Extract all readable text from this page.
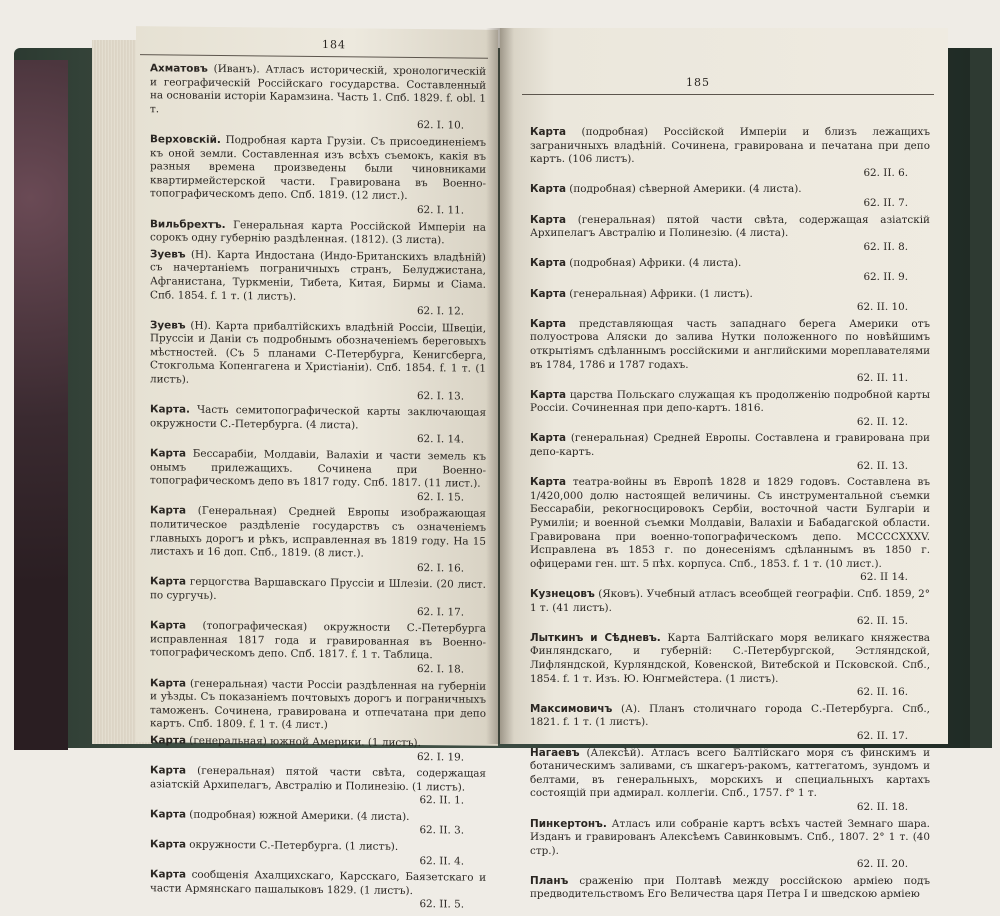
184
Ахматовъ (Иванъ). Атласъ историческiй, хронологическiй и географическiй Россiйскаго государства. Составленный на основанiи исторiи Карамзина. Часть 1. Спб. 1829. f. obl. 1 т.
62. I. 10.
Верховскiй. Подробная карта Грузiи. Съ присоединенiемъ къ оной земли. Составленная изъ всѣхъ съемокъ, какiя въ разныя времена произведены были чиновниками квартирмейстерской части. Гравирована въ Военно-топографическомъ депо. Спб. 1819. (12 лист.).
62. I. 11.
Вильбрехтъ. Генеральная карта Россiйской Имперiи на сорокъ одну губернiю раздѣленная. (1812). (3 листа).
Зуевъ (Н). Карта Индостана (Индо-Британскихъ владѣнiй) съ начертанiемъ пограничныхъ странъ, Белуджистана, Афганистана, Туркменiи, Тибета, Китая, Бирмы и Сiама. Спб. 1854. f. 1 т. (1 листъ).
62. I. 12.
Зуевъ (Н). Карта прибалтiйскихъ владѣнiй Россiи, Швецiи, Пруссiи и Данiи съ подробнымъ обозначенiемъ береговыхъ мѣстностей. (Съ 5 планами С-Петербурга, Кенигсберга, Стокгольма Копенгагена и Христiанiи). Спб. 1854. f. 1 т. (1 листъ).
62. I. 13.
Карта. Часть семитопографической карты заключающая окружности С.-Петербурга. (4 листа).
62. I. 14.
Карта Бессарабiи, Молдавiи, Валахiи и части земель къ онымъ прилежащихъ. Сочинена при Военно-топографическомъ депо въ 1817 году. Спб. 1817. (11 лист.).
62. I. 15.
Карта (Генеральная) Средней Европы изображающая политическое раздѣленiе государствъ съ означенiемъ главныхъ дорогъ и рѣкъ, исправленная въ 1819 году. На 15 листахъ и 16 доп. Спб., 1819. (8 лист.).
62. I. 16.
Карта герцогства Варшавскаго Пруссiи и Шлезiи. (20 лист. по сургучь).
62. I. 17.
Карта (топографическая) окружности С.-Петербурга исправленная 1817 года и гравированная въ Военно-топографическомъ депо. Спб. 1817. f. 1 т. Таблица.
62. I. 18.
Карта (генеральная) части Россiи раздѣленная на губернiи и уѣзды. Съ показанiемъ почтовыхъ дорогъ и пограничныхъ таможенъ. Сочинена, гравирована и отпечатана при депо картъ. Спб. 1809. f. 1 т. (4 лист.)
Карта (генеральная) южной Америки. (1 листъ).
62. I. 19.
Карта (генеральная) пятой части свѣта, содержащая азiатскiй Архипелагъ, Австралiю и Полинезiю. (1 листъ).
62. II. 1.
Карта (подробная) южной Америки. (4 листа).
62. II. 3.
Карта окружности С.-Петербурга. (1 листъ).
62. II. 4.
Карта сообщенiя Ахалцихскаго, Карсскаго, Баязетскаго и части Армянскаго пашалыковъ 1829. (1 листъ).
62. II. 5.
185
Карта (подробная) Россiйской Имперiи и близъ лежащихъ заграничныхъ владѣнiй. Сочинена, гравирована и печатана при депо картъ. (106 листъ).
62. II. 6.
Карта (подробная) сѣверной Америки. (4 листа).
62. II. 7.
Карта (генеральная) пятой части свѣта, содержащая азiатскiй Архипелагъ Австралiю и Полинезiю. (4 листа).
62. II. 8.
Карта (подробная) Африки. (4 листа).
62. II. 9.
Карта (генеральная) Африки. (1 листъ).
62. II. 10.
Карта представляющая часть западнаго берега Америки отъ полуострова Аляски до залива Нутки положенного по новѣйшимъ открытiямъ сдѣланнымъ россiйскими и английскими мореплавателями въ 1784, 1786 и 1787 годахъ.
62. II. 11.
Карта царства Польскаго служащая къ продолженiю подробной карты Россiи. Сочиненная при депо-картъ. 1816.
62. II. 12.
Карта (генеральная) Средней Европы. Составлена и гравирована при депо-картъ.
62. II. 13.
Карта театра-войны въ Европѣ 1828 и 1829 годовъ. Составлена въ 1/420,000 долю настоящей величины. Съ инструментальной съемки Бессарабiи, рекогносцировокъ Сербiи, восточной части Булгарiи и Румилiи; и военной съемки Молдавiи, Валахiи и Бабадагской области. Гравирована при военно-топографическомъ депо. MCCCCXXXV. Исправлена въ 1853 г. по донесенiямъ сдѣланнымъ въ 1850 г. офицерами ген. шт. 5 пѣх. корпуса. Спб., 1853. f. 1 т. (10 лист.).
62. II 14.
Кузнецовъ (Яковъ). Учебный атласъ всеобщей географiи. Спб. 1859, 2° 1 т. (41 листъ).
62. II. 15.
Лыткинъ и Сѣдневъ. Карта Балтiйскаго моря великаго княжества Финляндскаго, и губернiй: С.-Петербургской, Эстляндской, Лифляндской, Курляндской, Ковенской, Витебской и Псковской. Спб., 1854. f. 1 т. Изъ. Ю. Юнгмейстера. (1 листъ).
62. II. 16.
Максимовичъ (А). Планъ столичнаго города С.-Петербурга. Спб., 1821. f. 1 т. (1 листъ).
62. II. 17.
Нагаевъ (Алексѣй). Атласъ всего Балтiйскаго моря съ финскимъ и ботаническимъ заливами, съ шкагеръ-ракомъ, каттегатомъ, зундомъ и белтами, въ генеральныхъ, морскихъ и специальныхъ картахъ состоящiй при адмирал. коллегiи. Спб., 1757. f° 1 т.
62. II. 18.
Пинкертонъ. Атласъ или собранiе картъ всѣхъ частей Земнаго шара. Изданъ и гравированъ Алексѣемъ Савинковымъ. Спб., 1807. 2° 1 т. (40 стр.).
62. II. 20.
Планъ сраженiю при Полтавѣ между россiйскою армiею подъ предводительствомъ Его Величества царя Петра I и шведскою армiею
